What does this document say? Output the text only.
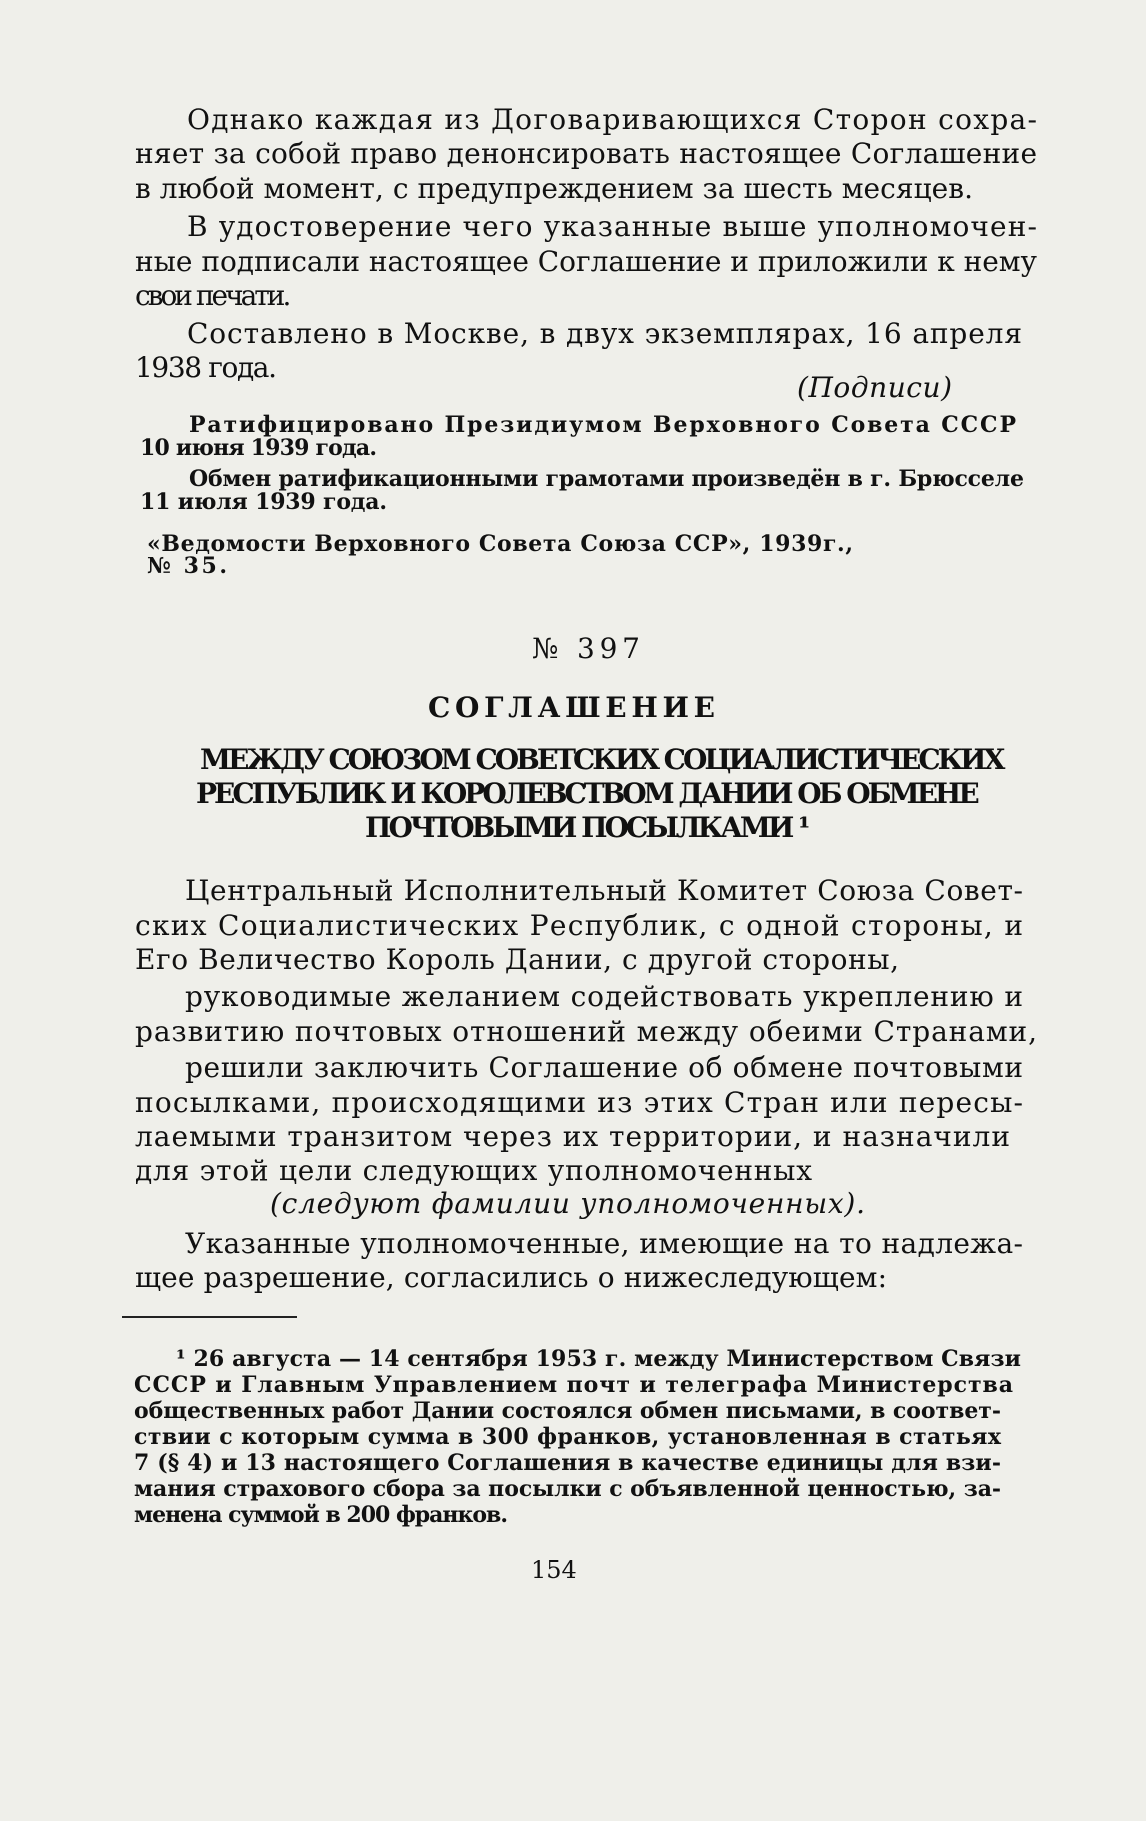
Однако каждая из Договаривающихся Сторон сохра-
няет за собой право денонсировать настоящее Соглашение
в любой момент, с предупреждением за шесть месяцев.
В удостоверение чего указанные выше уполномочен-
ные подписали настоящее Соглашение и приложили к нему
свои печати.
Составлено в Москве, в двух экземплярах, 16 апреля
1938 года.
(Подписи)
Ратифицировано Президиумом Верховного Совета СССР
10 июня 1939 года.
Обмен ратификационными грамотами произведён в г. Брюсселе
11 июля 1939 года.
«Ведомости Верховного Совета Союза ССР», 1939г.,
№ 35.
№ 397
С О Г Л А Ш Е Н И Е
МЕЖДУ СОЮЗОМ СОВЕТСКИХ СОЦИАЛИСТИЧЕСКИХ
РЕСПУБЛИК И КОРОЛЕВСТВОМ ДАНИИ ОБ ОБМЕНЕ
ПОЧТОВЫМИ ПОСЫЛКАМИ ¹
Центральный Исполнительный Комитет Союза Совет-
ских Социалистических Республик, с одной стороны, и
Его Величество Король Дании, с другой стороны,
руководимые желанием содействовать укреплению и
развитию почтовых отношений между обеими Странами,
решили заключить Соглашение об обмене почтовыми
посылками, происходящими из этих Стран или пересы-
лаемыми транзитом через их территории, и назначили
для этой цели следующих уполномоченных
(следуют фамилии уполномоченных).
Указанные уполномоченные, имеющие на то надлежа-
щее разрешение, согласились о нижеследующем:
¹ 26 августа — 14 сентября 1953 г. между Министерством Связи
СССР и Главным Управлением почт и телеграфа Министерства
общественных работ Дании состоялся обмен письмами, в соответ-
ствии с которым сумма в 300 франков, установленная в статьях
7 (§ 4) и 13 настоящего Соглашения в качестве единицы для взи-
мания страхового сбора за посылки с объявленной ценностью, за-
менена суммой в 200 франков.
154
